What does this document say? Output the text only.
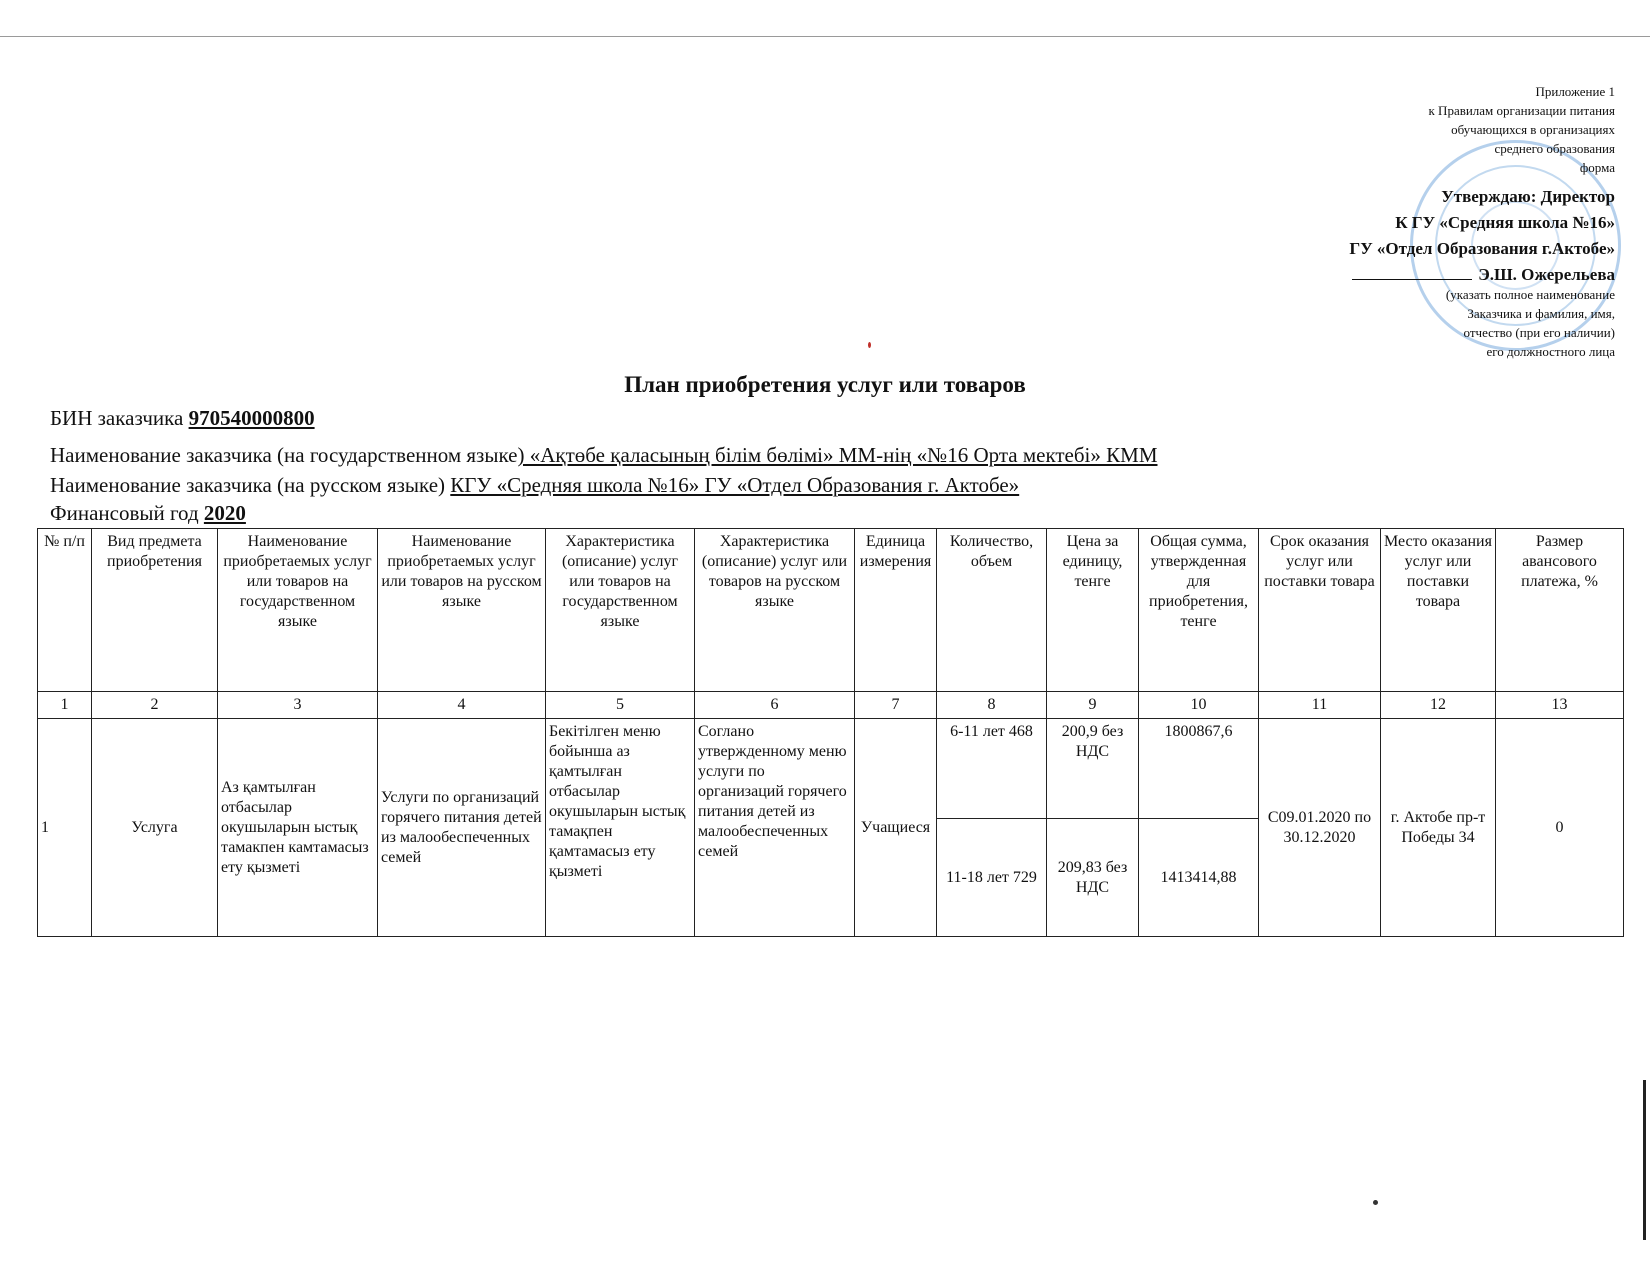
Приложение 1
к Правилам организации питания
обучающихся в организациях
среднего образования
форма
Утверждаю: Директор
К ГУ «Средняя школа №16»
ГУ «Отдел Образования г.Актобе»
Э.Ш. Ожерельева
(указать полное наименование
Заказчика и фамилия, имя,
отчество (при его наличии)
его должностного лица
План приобретения услуг или товаров
БИН заказчика 970540000800
Наименование заказчика (на государственном языке) «Ақтөбе қаласының білім бөлімі» ММ-нің «№16 Орта мектебі» КММ
Наименование заказчика (на русском языке) КГУ «Средняя школа №16» ГУ «Отдел Образования г. Актобе»
Финансовый год 2020
№ п/п	Вид предмета приобретения	Наименование приобретаемых услуг или товаров на государственном языке	Наименование приобретаемых услуг или товаров на русском языке	Характеристика (описание) услуг или товаров на государственном языке	Характеристика (описание) услуг или товаров на русском языке	Единица измерения	Количество, объем	Цена за единицу, тенге	Общая сумма, утвержденная для приобретения, тенге	Срок оказания услуг или поставки товара	Место оказания услуг или поставки товара	Размер авансового платежа, %
1	2	3	4	5	6	7	8	9	10	11	12	13
1	Услуга	Аз қамтылған отбасылар окушыларын ыстық тамакпен камтамасыз ету қызметі	Услуги по организаций горячего питания детей из малообеспеченных семей	Бекітілген меню бойынша аз қамтылған отбасылар окушыларын ыстық тамақпен қамтамасыз ету қызметі	Согланo утвержденному меню услуги по организаций горячего питания детей из малообеспеченных семей	Учащиеся	6-11 лет 468	200,9 без НДС	1800867,6	С09.01.2020 по 30.12.2020	г. Актобе пр-т Победы 34	0
							11-18 лет 729	209,83 без НДС	1413414,88			
